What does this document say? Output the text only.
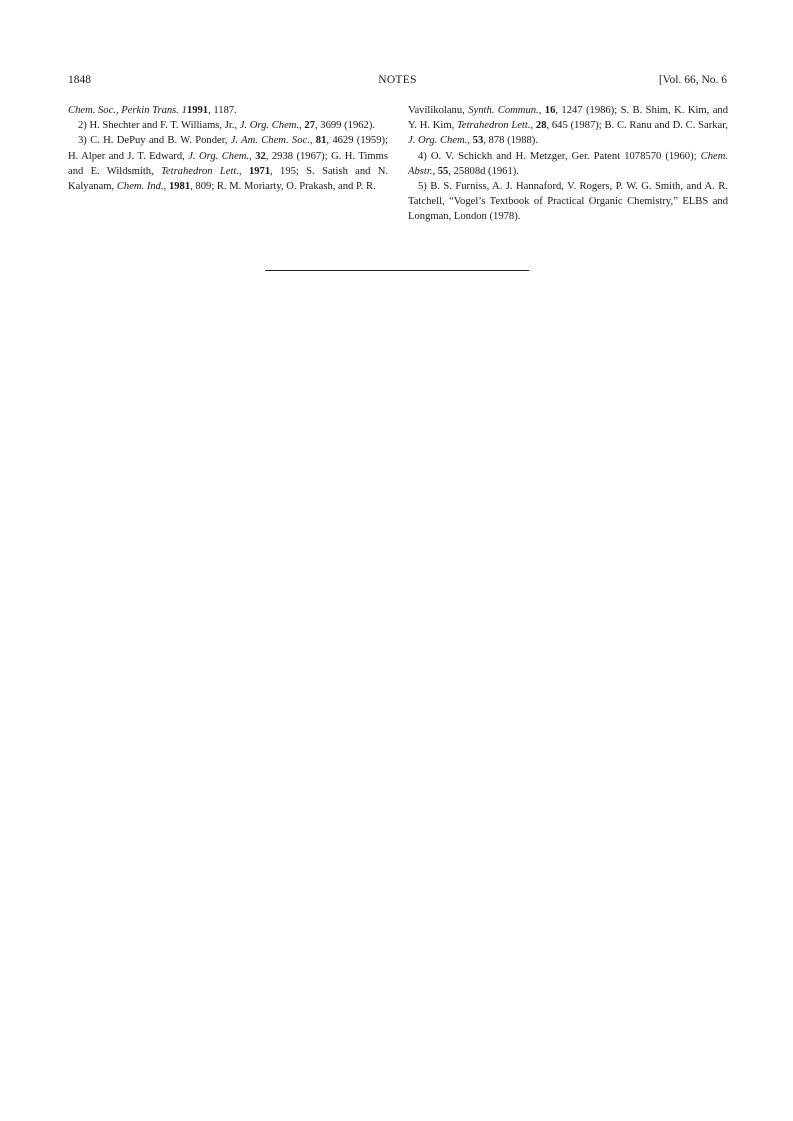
1848	NOTES	[Vol. 66, No. 6

Chem. Soc., Perkin Trans. 11991, 1187.

2) H. Shechter and F. T. Williams, Jr., J. Org. Chem., 27, 3699 (1962).

3) C. H. DePuy and B. W. Ponder, J. Am. Chem. Soc., 81, 4629 (1959); H. Alper and J. T. Edward, J. Org. Chem., 32, 2938 (1967); G. H. Timms and E. Wildsmith, Tetrahedron Lett., 1971, 195; S. Satish and N. Kalyanam, Chem. Ind., 1981, 809; R. M. Moriarty, O. Prakash, and P. R.

Vavilikolanu, Synth. Commun., 16, 1247 (1986); S. B. Shim, K. Kim, and Y. H. Kim, Tetrahedron Lett., 28, 645 (1987); B. C. Ranu and D. C. Sarkar, J. Org. Chem., 53, 878 (1988).

4) O. V. Schickh and H. Metzger, Ger. Patent 1078570 (1960); Chem. Abstr., 55, 25808d (1961).

5) B. S. Furniss, A. J. Hannaford, V. Rogers, P. W. G. Smith, and A. R. Tatchell, “Vogel’s Textbook of Practical Organic Chemistry,” ELBS and Longman, London (1978).
